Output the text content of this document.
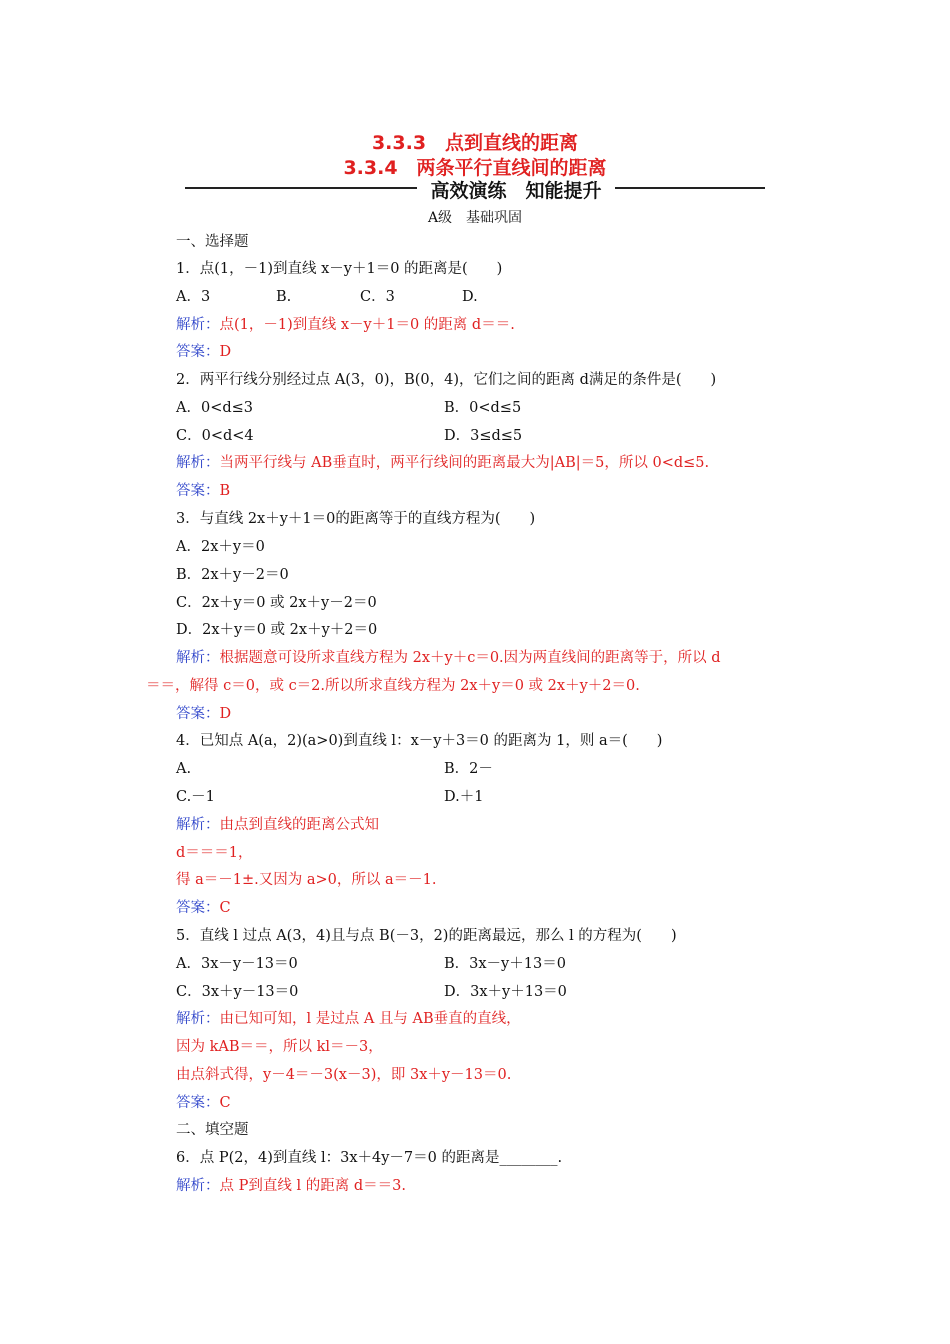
3.3.3　点到直线的距离
3.3.4　两条平行直线间的距离
高效演练　知能提升
A级　基础巩固
一、选择题
1．点(1，－1)到直线 x－y＋1＝0 的距离是(　　)
A．3	B.	C．3	D.
解析：点(1，－1)到直线 x－y＋1＝0 的距离 d＝＝.
答案：D
2．两平行线分别经过点 A(3，0)，B(0，4)，它们之间的距离 d满足的条件是(　　)
A．0<d≤3	B．0<d≤5
C．0<d<4	D．3≤d≤5
解析：当两平行线与 AB垂直时，两平行线间的距离最大为|AB|＝5，所以 0<d≤5.
答案：B
3．与直线 2x＋y＋1＝0的距离等于的直线方程为(　　)
A．2x＋y＝0
B．2x＋y－2＝0
C．2x＋y＝0 或 2x＋y－2＝0
D．2x＋y＝0 或 2x＋y＋2＝0
解析：根据题意可设所求直线方程为 2x＋y＋c＝0.因为两直线间的距离等于，所以 d
＝＝，解得 c＝0，或 c＝2.所以所求直线方程为 2x＋y＝0 或 2x＋y＋2＝0.
答案：D
4．已知点 A(a，2)(a>0)到直线 l：x－y＋3＝0 的距离为 1，则 a＝(　　)
A.	B．2－
C.－1	D.＋1
解析：由点到直线的距离公式知
d＝＝＝1，
得 a＝－1±.又因为 a>0，所以 a＝－1.
答案：C
5．直线 l 过点 A(3，4)且与点 B(－3，2)的距离最远，那么 l 的方程为(　　)
A．3x－y－13＝0	B．3x－y＋13＝0
C．3x＋y－13＝0	D．3x＋y＋13＝0
解析：由已知可知，l 是过点 A 且与 AB垂直的直线，
因为 kAB＝＝，所以 kl＝－3，
由点斜式得，y－4＝－3(x－3)，即 3x＋y－13＝0.
答案：C
二、填空题
6．点 P(2，4)到直线 l：3x＋4y－7＝0 的距离是________.
解析：点 P到直线 l 的距离 d＝＝3.
